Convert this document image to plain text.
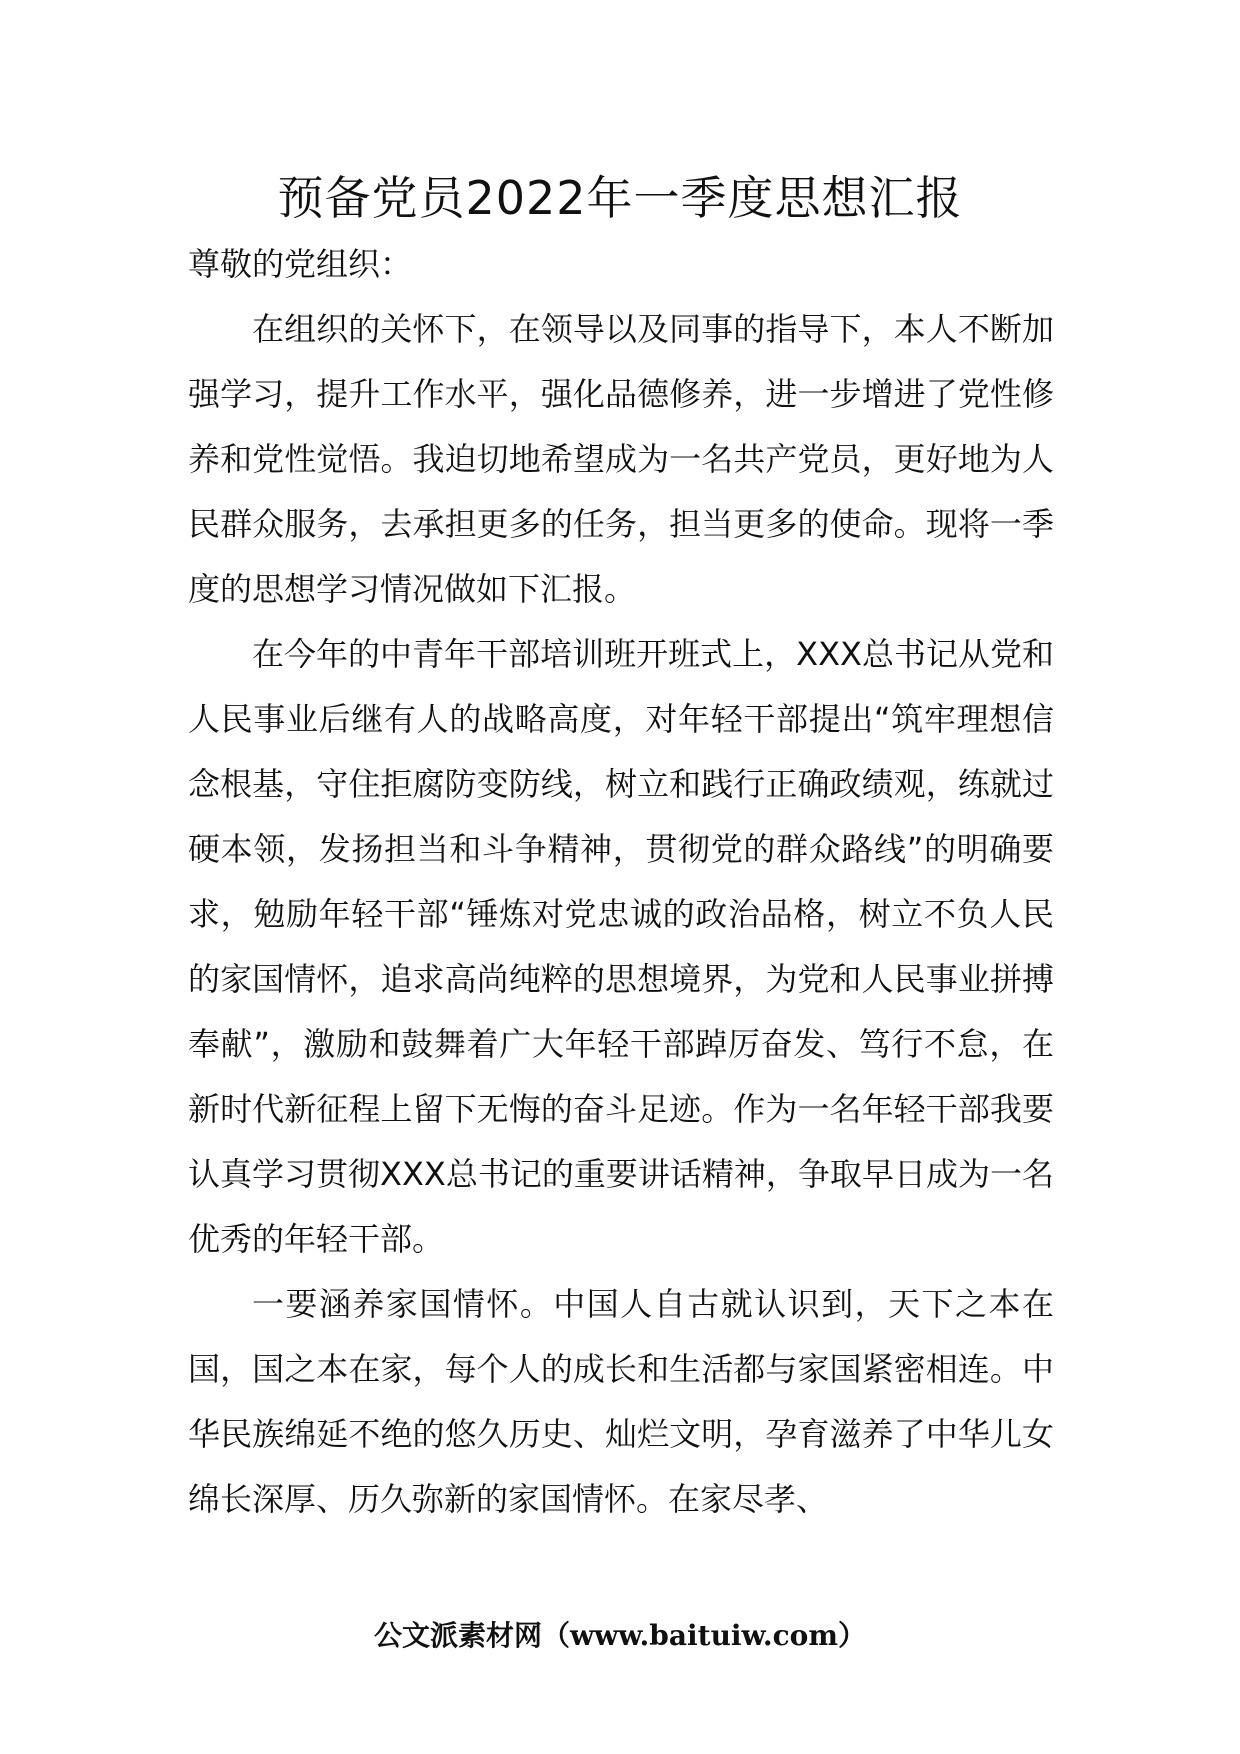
预备党员2022年一季度思想汇报

尊敬的党组织：

在组织的关怀下，在领导以及同事的指导下，本人不断加强学习，提升工作水平，强化品德修养，进一步增进了党性修养和党性觉悟。我迫切地希望成为一名共产党员，更好地为人民群众服务，去承担更多的任务，担当更多的使命。现将一季度的思想学习情况做如下汇报。

在今年的中青年干部培训班开班式上，XXX总书记从党和人民事业后继有人的战略高度，对年轻干部提出“筑牢理想信念根基，守住拒腐防变防线，树立和践行正确政绩观，练就过硬本领，发扬担当和斗争精神，贯彻党的群众路线”的明确要求，勉励年轻干部“锤炼对党忠诚的政治品格，树立不负人民的家国情怀，追求高尚纯粹的思想境界，为党和人民事业拼搏奉献”，激励和鼓舞着广大年轻干部踔厉奋发、笃行不怠，在新时代新征程上留下无悔的奋斗足迹。作为一名年轻干部我要认真学习贯彻XXX总书记的重要讲话精神，争取早日成为一名优秀的年轻干部。

一要涵养家国情怀。中国人自古就认识到，天下之本在国，国之本在家，每个人的成长和生活都与家国紧密相连。中华民族绵延不绝的悠久历史、灿烂文明，孕育滋养了中华儿女绵长深厚、历久弥新的家国情怀。在家尽孝、

公文派素材网（www.baituiw.com）
